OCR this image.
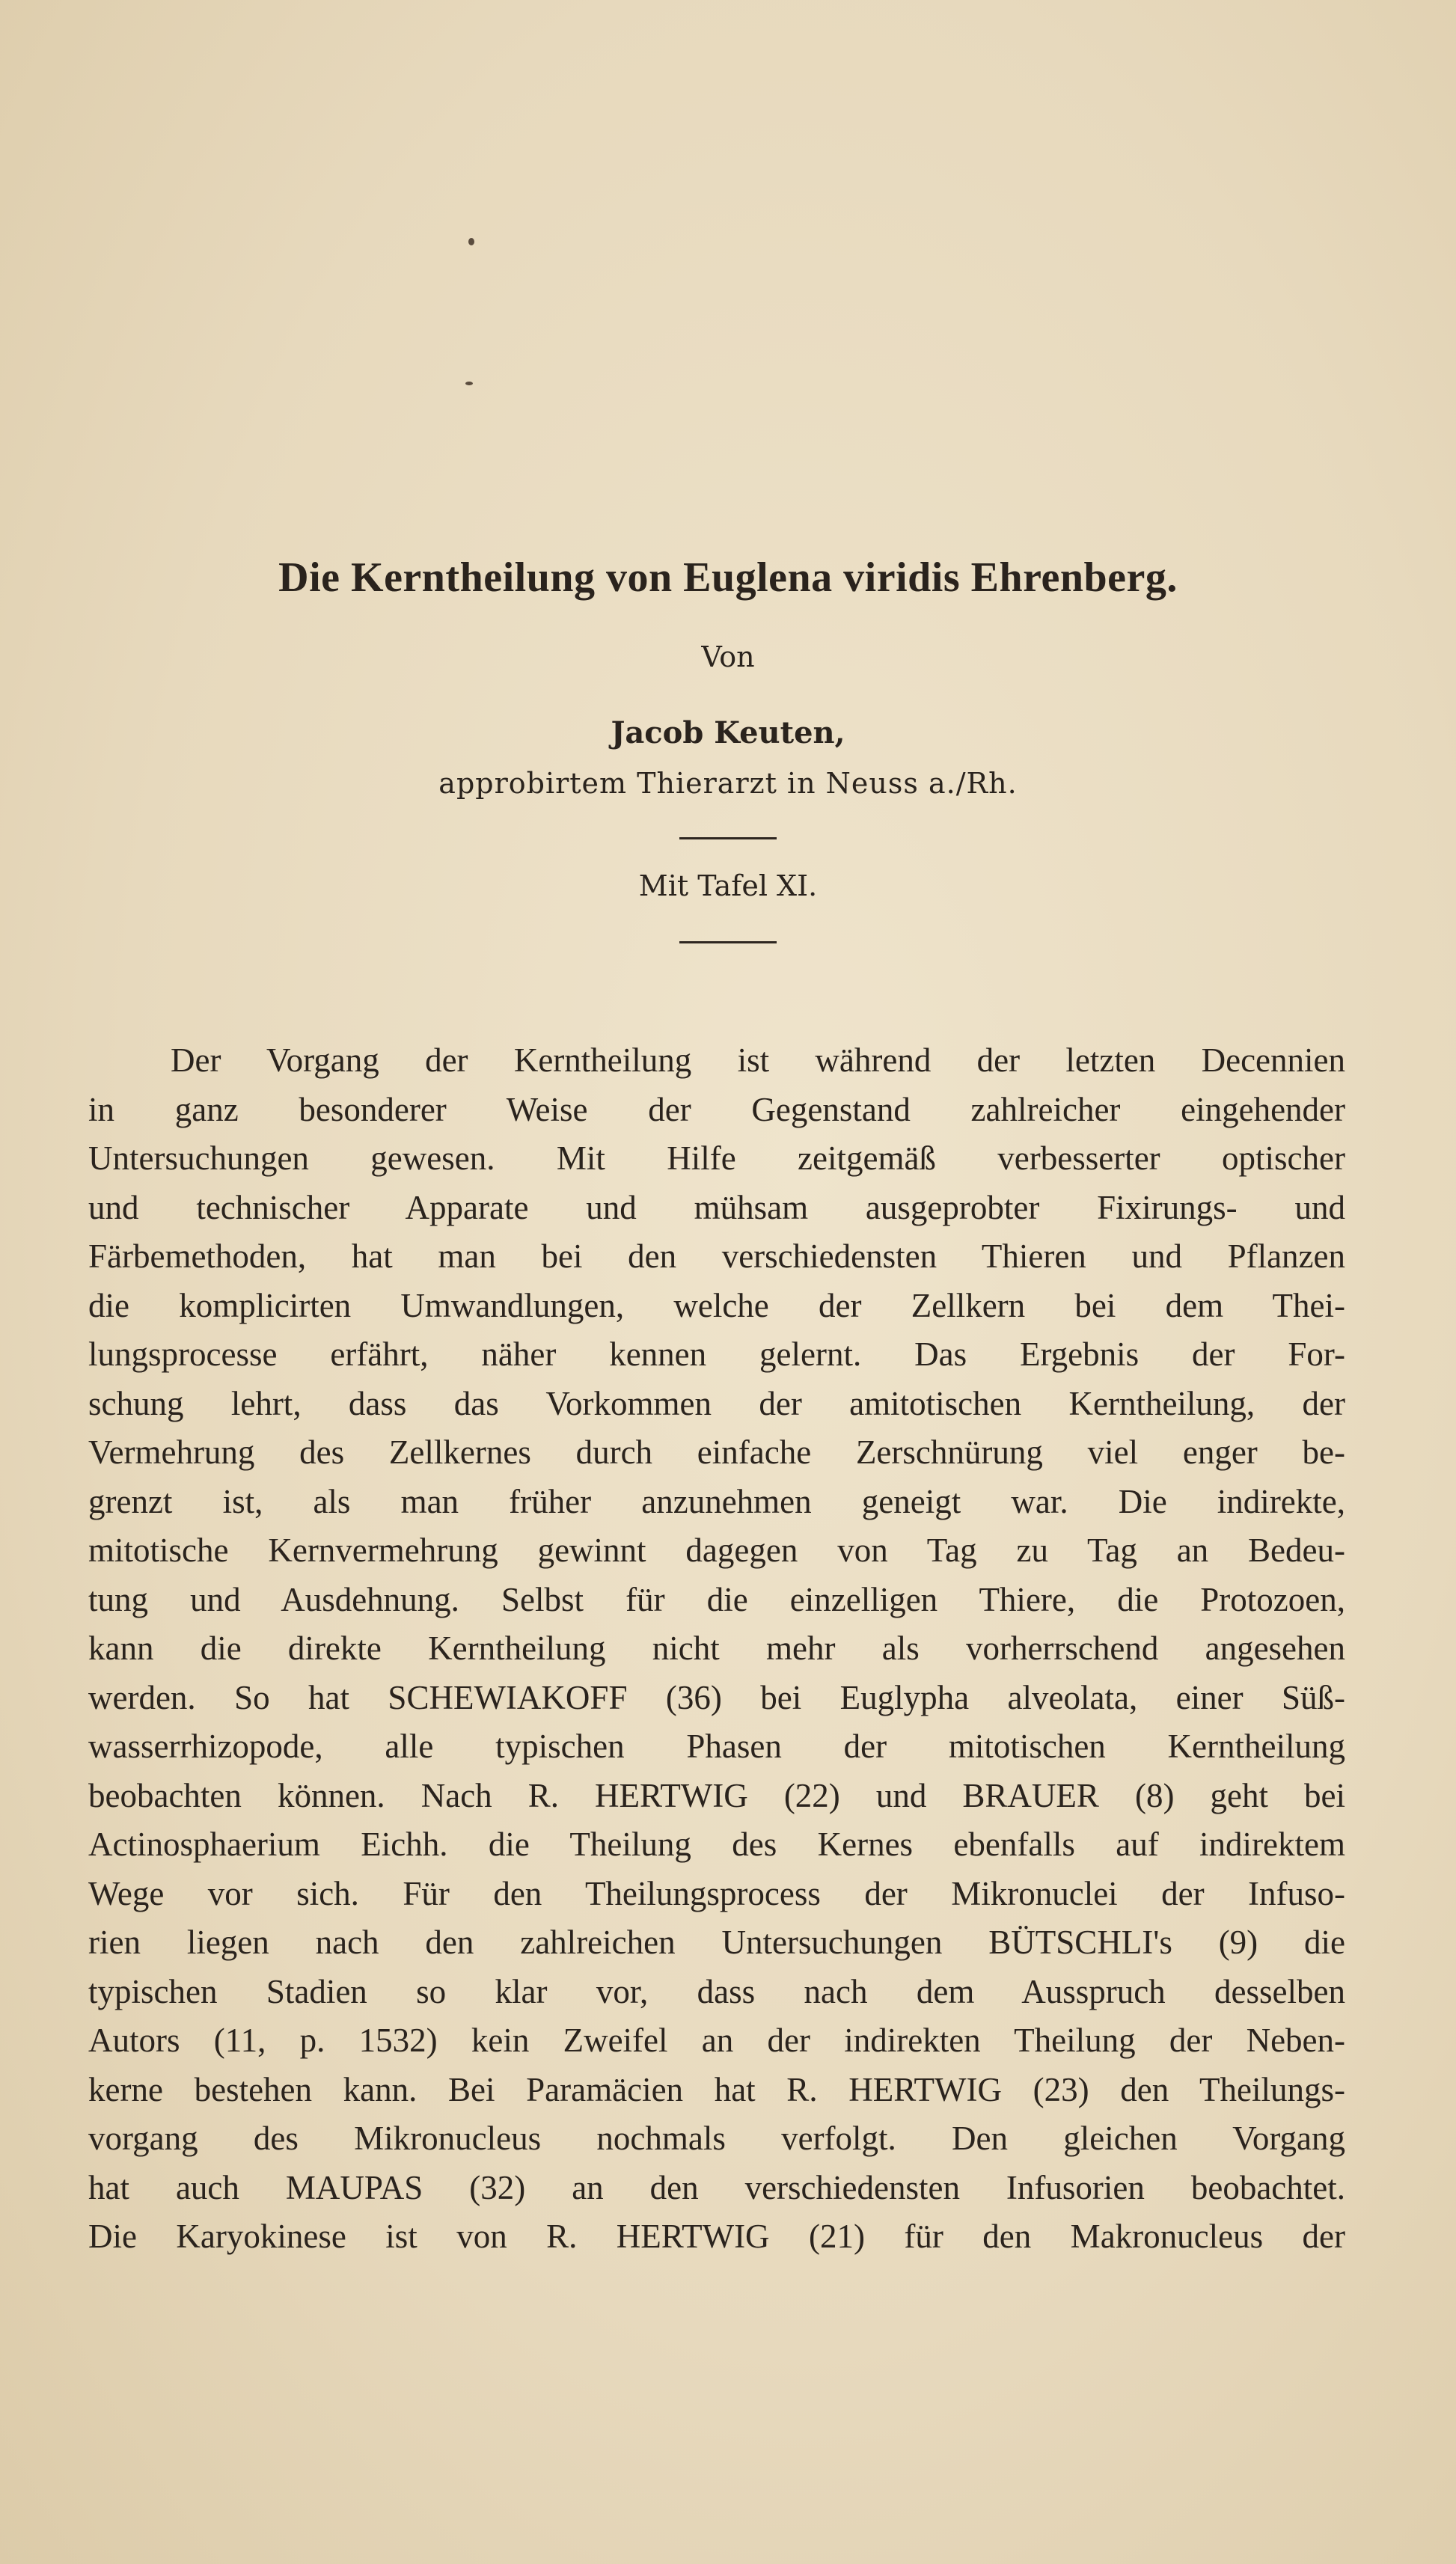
Die Kerntheilung von Euglena viridis Ehrenberg.
Von
Jacob Keuten,
approbirtem Thierarzt in Neuss a./Rh.
Mit Tafel XI.
Der Vorgang der Kerntheilung ist während der letzten Decennien
in ganz besonderer Weise der Gegenstand zahlreicher eingehender
Untersuchungen gewesen. Mit Hilfe zeitgemäß verbesserter optischer
und technischer Apparate und mühsam ausgeprobter Fixirungs- und
Färbemethoden, hat man bei den verschiedensten Thieren und Pflanzen
die komplicirten Umwandlungen, welche der Zellkern bei dem Thei-
lungsprocesse erfährt, näher kennen gelernt. Das Ergebnis der For-
schung lehrt, dass das Vorkommen der amitotischen Kerntheilung, der
Vermehrung des Zellkernes durch einfache Zerschnürung viel enger be-
grenzt ist, als man früher anzunehmen geneigt war. Die indirekte,
mitotische Kernvermehrung gewinnt dagegen von Tag zu Tag an Bedeu-
tung und Ausdehnung. Selbst für die einzelligen Thiere, die Protozoen,
kann die direkte Kerntheilung nicht mehr als vorherrschend angesehen
werden. So hat SCHEWIAKOFF (36) bei Euglypha alveolata, einer Süß-
wasserrhizopode, alle typischen Phasen der mitotischen Kerntheilung
beobachten können. Nach R. HERTWIG (22) und BRAUER (8) geht bei
Actinosphaerium Eichh. die Theilung des Kernes ebenfalls auf indirektem
Wege vor sich. Für den Theilungsprocess der Mikronuclei der Infuso-
rien liegen nach den zahlreichen Untersuchungen BÜTSCHLI's (9) die
typischen Stadien so klar vor, dass nach dem Ausspruch desselben
Autors (11, p. 1532) kein Zweifel an der indirekten Theilung der Neben-
kerne bestehen kann. Bei Paramäcien hat R. HERTWIG (23) den Theilungs-
vorgang des Mikronucleus nochmals verfolgt. Den gleichen Vorgang
hat auch MAUPAS (32) an den verschiedensten Infusorien beobachtet.
Die Karyokinese ist von R. HERTWIG (21) für den Makronucleus der
